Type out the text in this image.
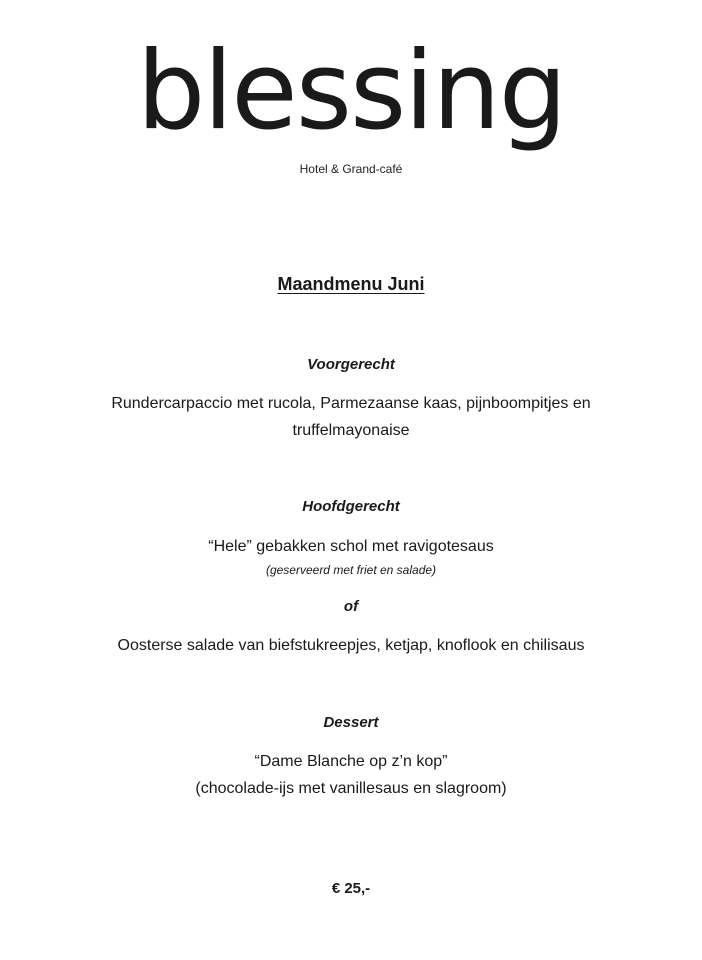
blessing
Hotel & Grand-café
Maandmenu Juni
Voorgerecht
Rundercarpaccio met rucola, Parmezaanse kaas, pijnboompitjes en
truffelmayonaise
Hoofdgerecht
“Hele” gebakken schol met ravigotesaus
(geserveerd met friet en salade)
of
Oosterse salade van biefstukreepjes, ketjap, knoflook en chilisaus
Dessert
“Dame Blanche op z’n kop”
(chocolade-ijs met vanillesaus en slagroom)
€ 25,-
